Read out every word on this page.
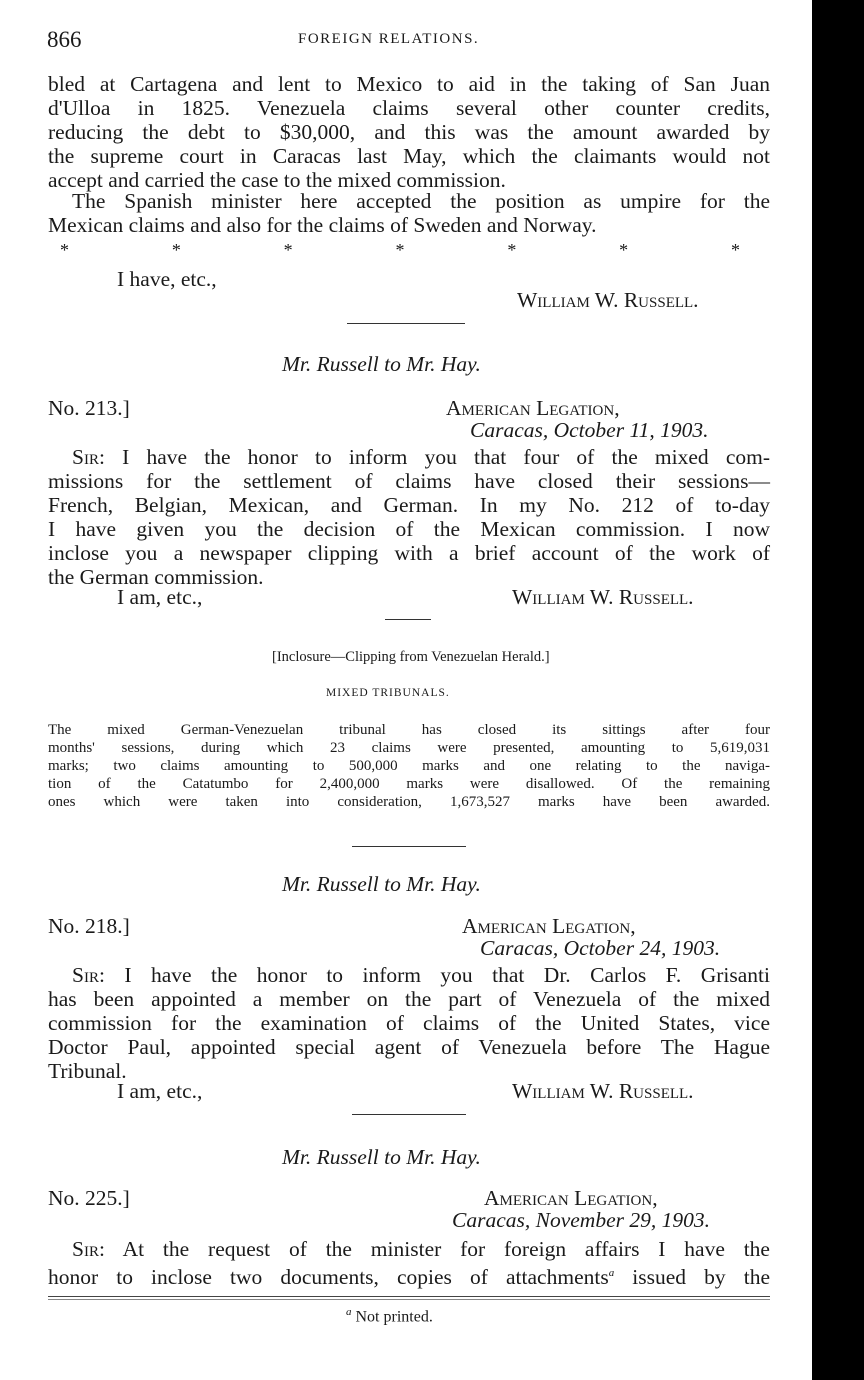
866	FOREIGN RELATIONS.
bled at Cartagena and lent to Mexico to aid in the taking of San Juan
d'Ulloa in 1825. Venezuela claims several other counter credits,
reducing the debt to $30,000, and this was the amount awarded by
the supreme court in Caracas last May, which the claimants would not
accept and carried the case to the mixed commission.
The Spanish minister here accepted the position as umpire for the
Mexican claims and also for the claims of Sweden and Norway.
*	*	*	*	*	*	*
I have, etc.,
William W. Russell.
Mr. Russell to Mr. Hay.
No. 213.]	American Legation,
Caracas, October 11, 1903.
Sir: I have the honor to inform you that four of the mixed com-
missions for the settlement of claims have closed their sessions—
French, Belgian, Mexican, and German. In my No. 212 of to-day
I have given you the decision of the Mexican commission. I now
inclose you a newspaper clipping with a brief account of the work of
the German commission.
I am, etc.,	William W. Russell.
[Inclosure—Clipping from Venezuelan Herald.]
MIXED TRIBUNALS.
The mixed German-Venezuelan tribunal has closed its sittings after four
months' sessions, during which 23 claims were presented, amounting to 5,619,031
marks; two claims amounting to 500,000 marks and one relating to the naviga-
tion of the Catatumbo for 2,400,000 marks were disallowed. Of the remaining
ones which were taken into consideration, 1,673,527 marks have been awarded.
Mr. Russell to Mr. Hay.
No. 218.]	American Legation,
Caracas, October 24, 1903.
Sir: I have the honor to inform you that Dr. Carlos F. Grisanti
has been appointed a member on the part of Venezuela of the mixed
commission for the examination of claims of the United States, vice
Doctor Paul, appointed special agent of Venezuela before The Hague
Tribunal.
I am, etc.,	William W. Russell.
Mr. Russell to Mr. Hay.
No. 225.]	American Legation,
Caracas, November 29, 1903.
Sir: At the request of the minister for foreign affairs I have the
honor to inclose two documents, copies of attachments$^a$ issued by the
$^a$ Not printed.
